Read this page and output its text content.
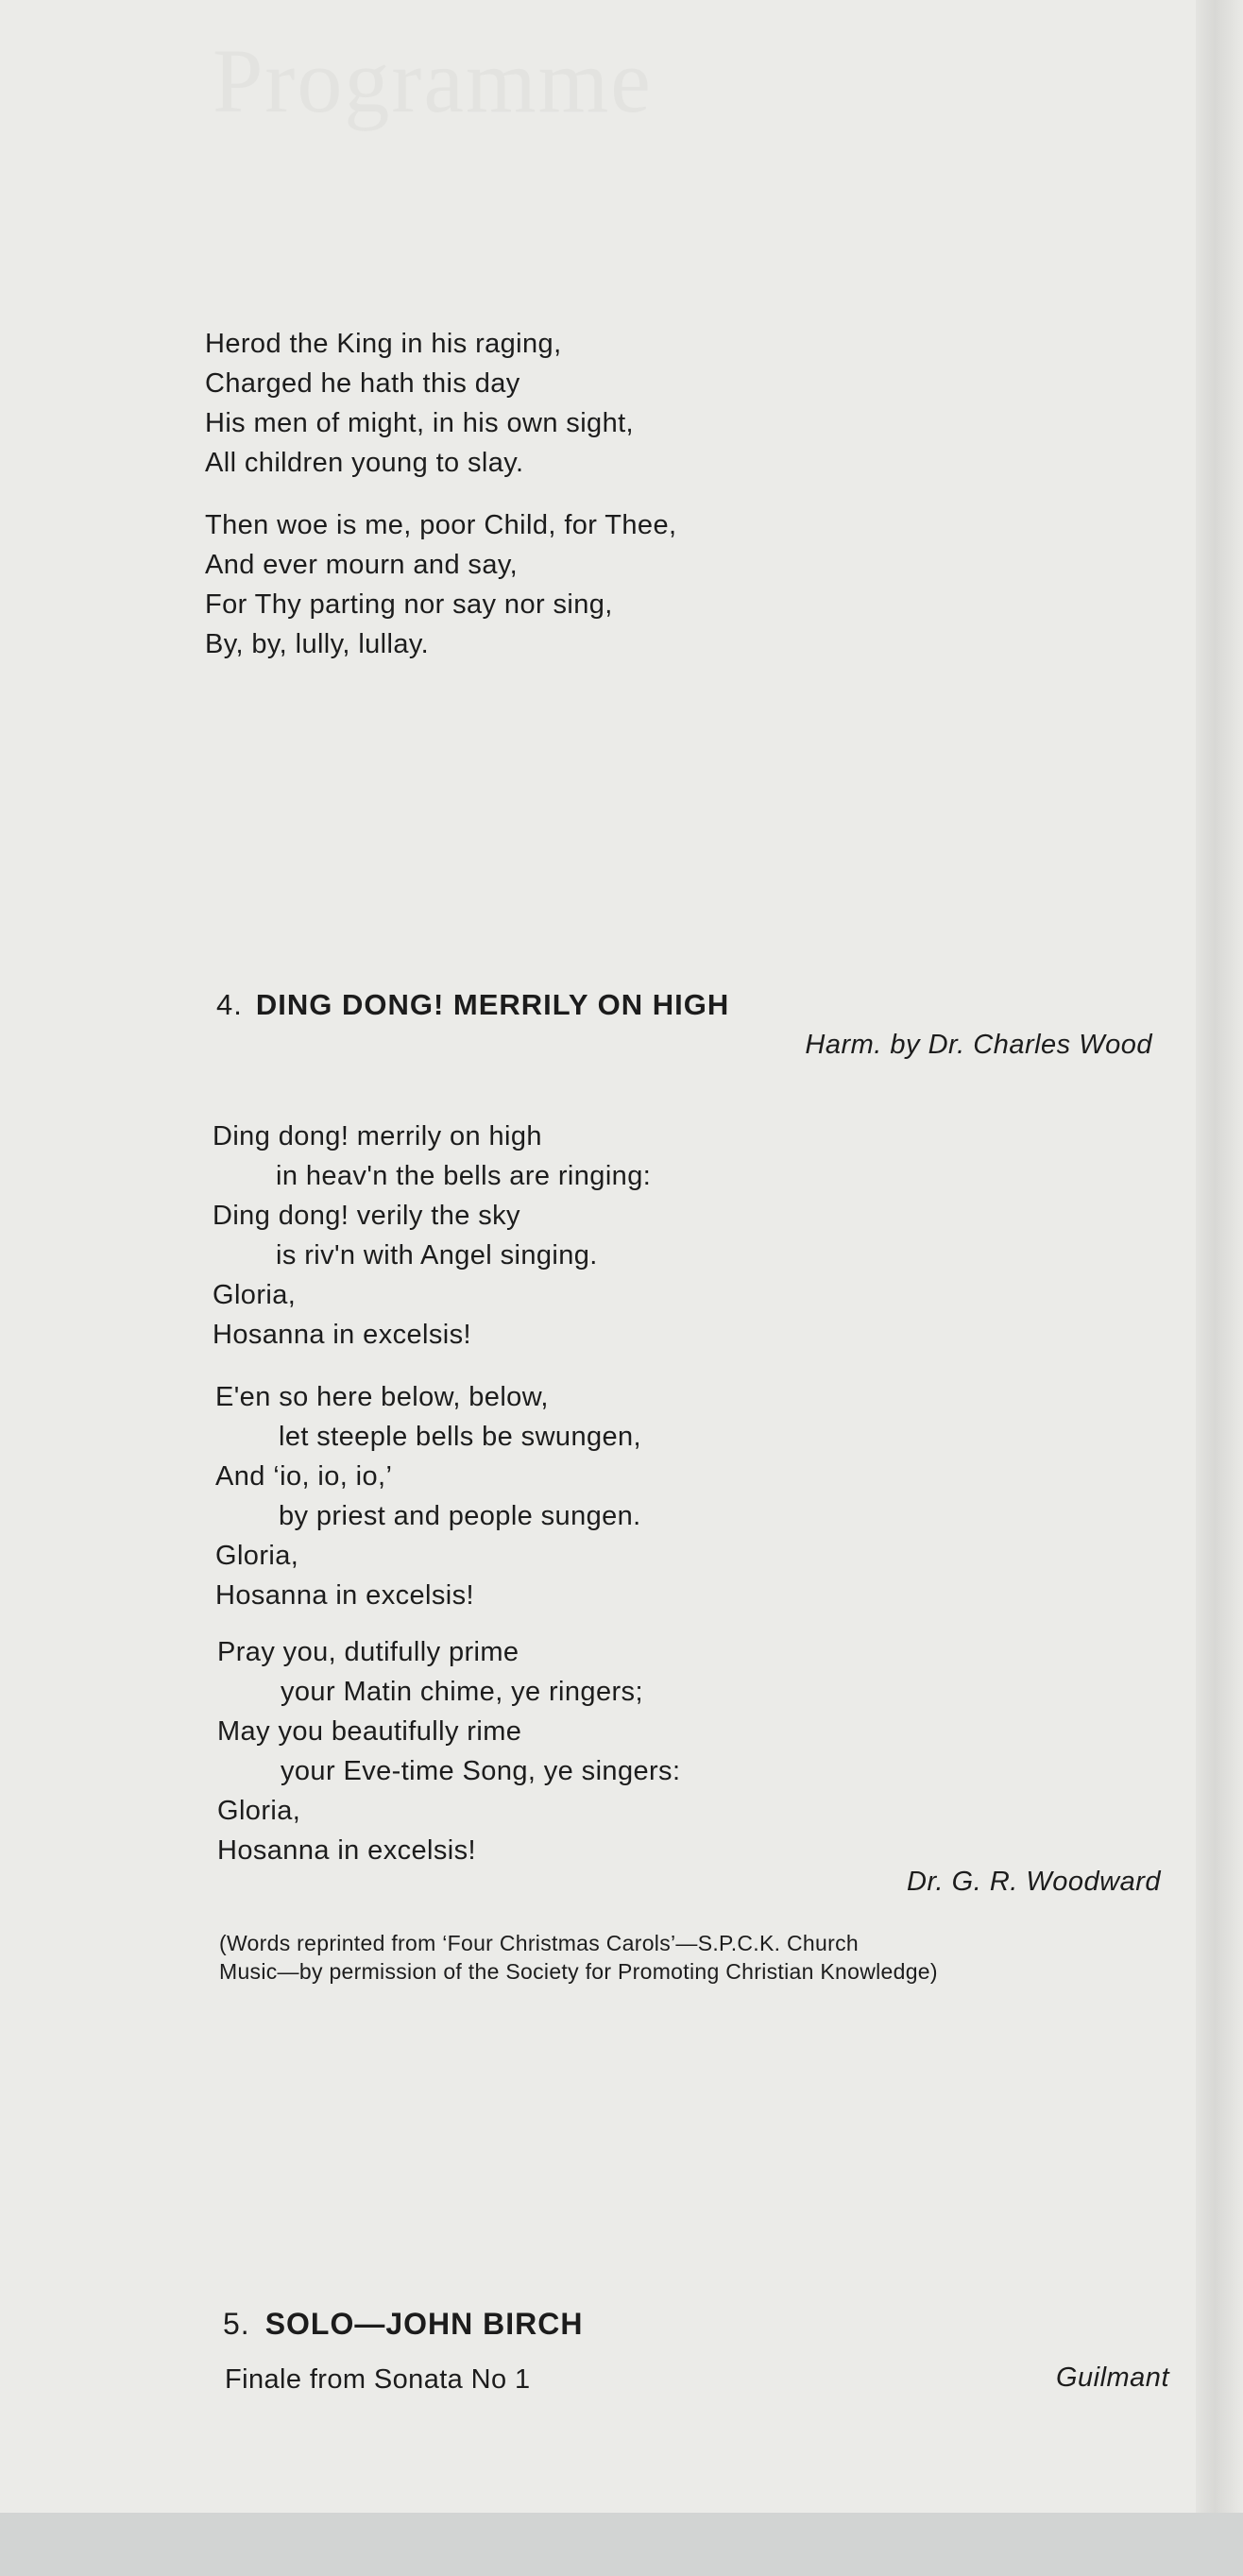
Programme
Herod the King in his raging,
Charged he hath this day
His men of might, in his own sight,
All children young to slay.
Then woe is me, poor Child, for Thee,
And ever mourn and say,
For Thy parting nor say nor sing,
By, by, lully, lullay.
4. DING DONG! MERRILY ON HIGH
Harm. by Dr. Charles Wood
Ding dong! merrily on high
in heav'n the bells are ringing:
Ding dong! verily the sky
is riv'n with Angel singing.
Gloria,
Hosanna in excelsis!
E'en so here below, below,
let steeple bells be swungen,
And ‘io, io, io,’
by priest and people sungen.
Gloria,
Hosanna in excelsis!
Pray you, dutifully prime
your Matin chime, ye ringers;
May you beautifully rime
your Eve-time Song, ye singers:
Gloria,
Hosanna in excelsis!
Dr. G. R. Woodward
(Words reprinted from ‘Four Christmas Carols’—S.P.C.K. Church
Music—by permission of the Society for Promoting Christian Knowledge)
5. SOLO—JOHN BIRCH
Finale from Sonata No 1	Guilmant
